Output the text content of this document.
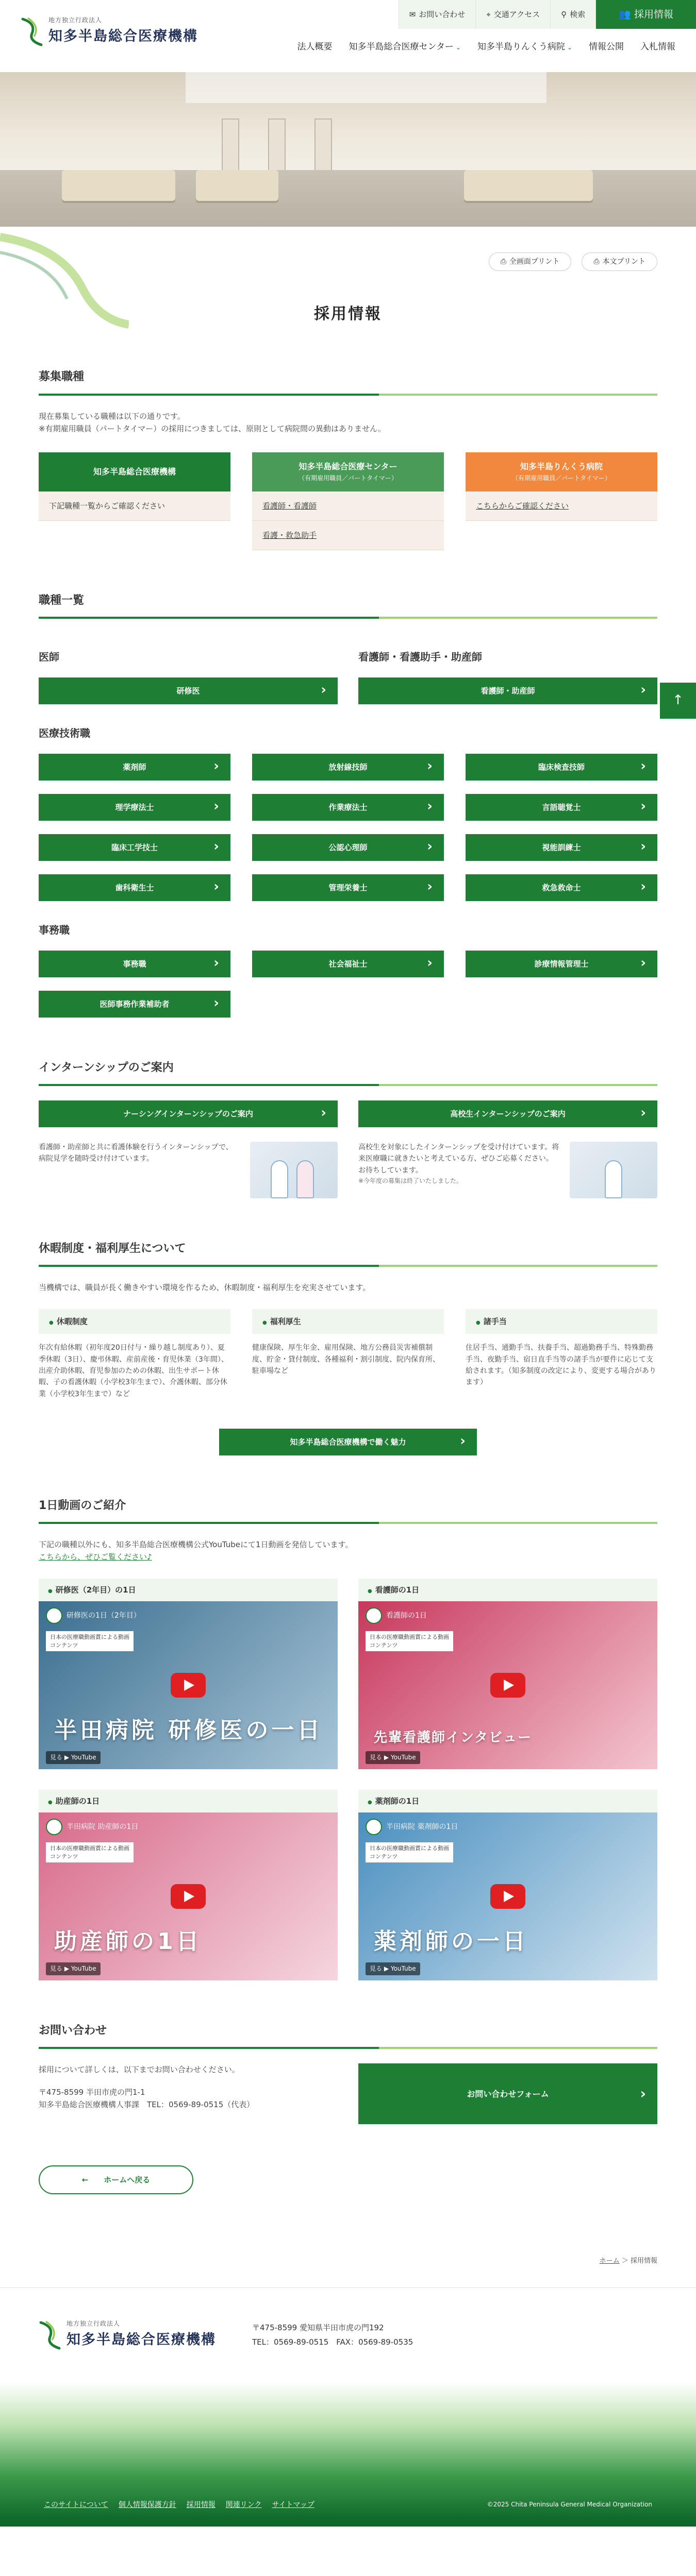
地方独立行政法人
知多半島総合医療機構
✉ お問い合わせ	⌖ 交通アクセス	⚲ 検索	👥 採用情報
法人概要 知多半島総合医療センター ⌄ 知多半島りんくう病院 ⌄ 情報公開 入札情報
⎙ 全画面プリント	⎙ 本文プリント
採用情報
募集職種

現在募集している職種は以下の通りです。

※有期雇用職員（パートタイマー）の採用につきましては、原則として病院間の異動はありません。

知多半島総合医療機構
下記職種一覧からご確認ください
知多半島総合医療センター
（有期雇用職員／パートタイマー）
看護師・看護師
看護・救急助手
知多半島りんくう病院
（有期雇用職員／パートタイマー）
こちらからご確認ください
職種一覧
医師
研修医 ›
看護師・看護助手・助産師
看護師・助産師 ›
↑
医療技術職
薬剤師 ›	放射線技師 ›	臨床検査技師 ›
理学療法士 ›	作業療法士 ›	言語聴覚士 ›
臨床工学技士 ›	公認心理師 ›	視能訓練士 ›
歯科衛生士 ›	管理栄養士 ›	救急救命士 ›
事務職
事務職 ›	社会福祉士 ›	診療情報管理士 ›
医師事務作業補助者 ›
インターンシップのご案内
ナーシングインターンシップのご案内 ›

看護師・助産師と共に看護体験を行うインターンシップで、病院見学を随時受け付けています。

高校生インターンシップのご案内 ›

高校生を対象にしたインターンシップを受け付けています。将来医療職に就きたいと考えている方、ぜひご応募ください。お待ちしています。

※今年度の募集は終了いたしました。
休暇制度・福利厚生について

当機構では、職員が長く働きやすい環境を作るため、休暇制度・福利厚生を充実させています。

● 休暇制度
年次有給休暇（初年度20日付与・繰り越し制度あり）、夏季休暇（3日）、慶弔休暇、産前産後・育児休業（3年間）、出産介助休暇、育児参加のための休暇、出生サポート休暇、子の看護休暇（小学校3年生まで）、介護休暇、部分休業（小学校3年生まで）など
● 福利厚生
健康保険、厚生年金、雇用保険、地方公務員災害補償制度、貯金・貸付制度、各種福利・割引制度、院内保育所、駐車場など
● 諸手当
住居手当、通勤手当、扶養手当、超過勤務手当、特殊勤務手当、夜勤手当、宿日直手当等の諸手当が要件に応じて支給されます。（知多制度の改定により、変更する場合があります）
知多半島総合医療機構で働く魅力 ›
1日動画のご紹介

下記の職種以外にも、知多半島総合医療機構公式YouTubeにて1日動画を発信しています。

こちらから、ぜひご覧ください♪

● 研修医（2年目）の1日
研修医の1日（2年目）
日本の医療職動画賞による動画コンテンツ
半田病院 研修医の一日
見る ▶ YouTube
● 看護師の1日
看護師の1日
日本の医療職動画賞による動画コンテンツ
先輩看護師インタビュー
見る ▶ YouTube
● 助産師の1日
半田病院 助産師の1日
日本の医療職動画賞による動画コンテンツ
助産師の1日
見る ▶ YouTube
● 薬剤師の1日
半田病院 薬剤師の1日
日本の医療職動画賞による動画コンテンツ
薬剤師の一日
見る ▶ YouTube
お問い合わせ

採用について詳しくは、以下までお問い合わせください。

〒475-8599 半田市虎の門1-1

知多半島総合医療機構人事課　TEL：0569-89-0515（代表）

お問い合わせフォーム ›
← ホームへ戻る
ホーム ＞ 採用情報
地方独立行政法人
知多半島総合医療機構
〒475-8599 愛知県半田市虎の門192
TEL：0569-89-0515　FAX：0569-89-0535
このサイトについて 個人情報保護方針 採用情報 関連リンク サイトマップ	©2025 Chita Peninsula General Medical Organization
